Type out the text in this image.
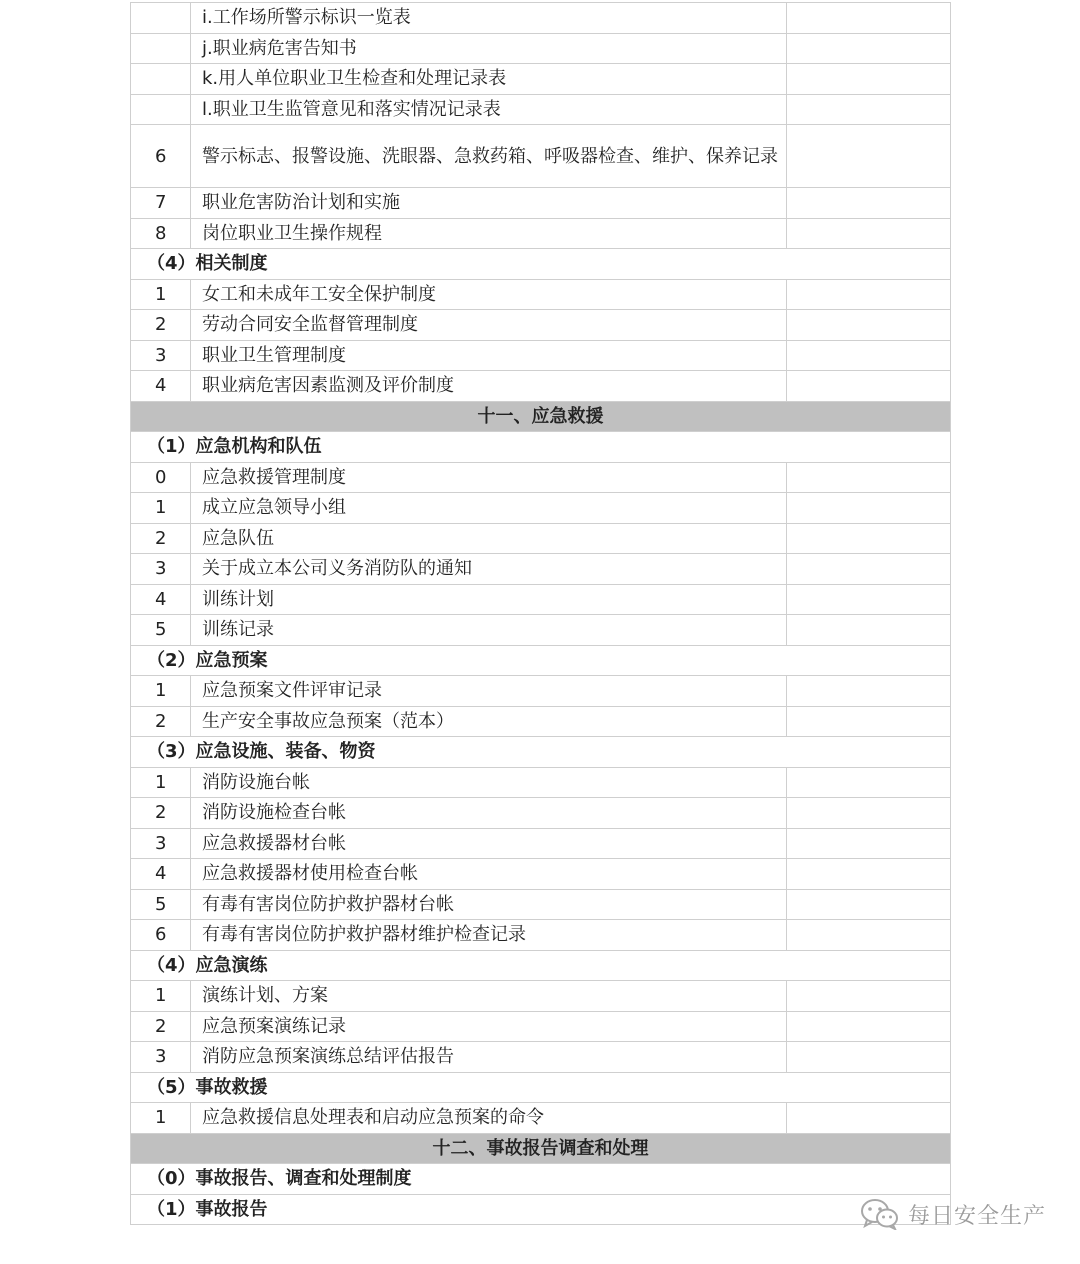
	i.工作场所警示标识一览表	
	j.职业病危害告知书	
	k.用人单位职业卫生检查和处理记录表	
	l.职业卫生监管意见和落实情况记录表	
6	警示标志、报警设施、洗眼器、急救药箱、呼吸器检查、维护、保养记录	
7	职业危害防治计划和实施	
8	岗位职业卫生操作规程	
（4）相关制度		
1	女工和未成年工安全保护制度	
2	劳动合同安全监督管理制度	
3	职业卫生管理制度	
4	职业病危害因素监测及评价制度	
十一、应急救援		
（1）应急机构和队伍		
0	应急救援管理制度	
1	成立应急领导小组	
2	应急队伍	
3	关于成立本公司义务消防队的通知	
4	训练计划	
5	训练记录	
（2）应急预案		
1	应急预案文件评审记录	
2	生产安全事故应急预案（范本）	
（3）应急设施、装备、物资		
1	消防设施台帐	
2	消防设施检查台帐	
3	应急救援器材台帐	
4	应急救援器材使用检查台帐	
5	有毒有害岗位防护救护器材台帐	
6	有毒有害岗位防护救护器材维护检查记录	
（4）应急演练		
1	演练计划、方案	
2	应急预案演练记录	
3	消防应急预案演练总结评估报告	
（5）事故救援		
1	应急救援信息处理表和启动应急预案的命令	
十二、事故报告调查和处理		
（0）事故报告、调查和处理制度		
（1）事故报告			每日安全生产
